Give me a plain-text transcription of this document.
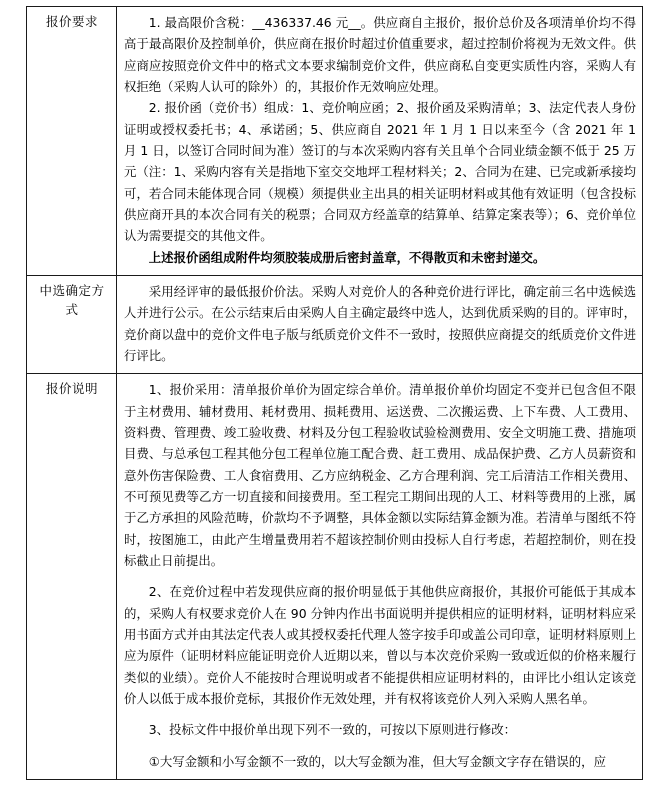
报价要求	1. 最高限价含税：__436337.46 元__。供应商自主报价，报价总价及各项清单价均不得高于最高限价及控制单价，供应商在报价时超过价值重要求，超过控制价将视为无效文件。供应商应按照竞价文件中的格式文本要求编制竞价文件，供应商私自变更实质性内容，采购人有权拒绝（采购人认可的除外）的，其报价作无效响应处理。

2. 报价函（竞价书）组成：1、竞价响应函；2、报价函及采购清单；3、法定代表人身份证明或授权委托书；4、承诺函；5、供应商自 2021 年 1 月 1 日以来至今（含 2021 年 1 月 1 日，以签订合同时间为准）签订的与本次采购内容有关且单个合同业绩金额不低于 25 万元（注：1、采购内容有关是指地下室交交地坪工程材料关；2、合同为在建、已完或新承接均可，若合同未能体现合同（规模）须提供业主出具的相关证明材料或其他有效证明（包含投标供应商开具的本次合同有关的税票；合同双方经盖章的结算单、结算定案表等）；6、竞价单位认为需要提交的其他文件。

上述报价函组成附件均须胶装成册后密封盖章，不得散页和未密封递交。

中选确定方式	采用经评审的最低报价价法。采购人对竞价人的各种竞价进行评比，确定前三名中选候选人并进行公示。在公示结束后由采购人自主确定最终中选人，达到优质采购的目的。评审时，竞价商以盘中的竞价文件电子版与纸质竞价文件不一致时，按照供应商提交的纸质竞价文件进行评比。

报价说明	1、报价采用：清单报价单价为固定综合单价。清单报价单价均固定不变并已包含但不限于主材费用、辅材费用、耗材费用、损耗费用、运送费、二次搬运费、上下车费、人工费用、资料费、管理费、竣工验收费、材料及分包工程验收试验检测费用、安全文明施工费、措施项目费、与总承包工程其他分包工程单位施工配合费、赶工费用、成品保护费、乙方人员薪资和意外伤害保险费、工人食宿费用、乙方应纳税金、乙方合理利润、完工后清洁工作相关费用、不可预见费等乙方一切直接和间接费用。至工程完工期间出现的人工、材料等费用的上涨，属于乙方承担的风险范畴，价款均不予调整，具体金额以实际结算金额为准。若清单与图纸不符时，按图施工，由此产生增量费用若不超该控制价则由投标人自行考虑，若超控制价，则在投标截止日前提出。

2、在竞价过程中若发现供应商的报价明显低于其他供应商报价，其报价可能低于其成本的，采购人有权要求竞价人在 90 分钟内作出书面说明并提供相应的证明材料，证明材料应采用书面方式并由其法定代表人或其授权委托代理人签字按手印或盖公司印章，证明材料原则上应为原件（证明材料应能证明竞价人近期以来，曾以与本次竞价采购一致或近似的价格来履行类似的业绩）。竞价人不能按时合理说明或者不能提供相应证明材料的，由评比小组认定该竞价人以低于成本报价竞标，其报价作无效处理，并有权将该竞价人列入采购人黑名单。

3、投标文件中报价单出现下列不一致的，可按以下原则进行修改：

①大写金额和小写金额不一致的，以大写金额为准，但大写金额文字存在错误的，应
